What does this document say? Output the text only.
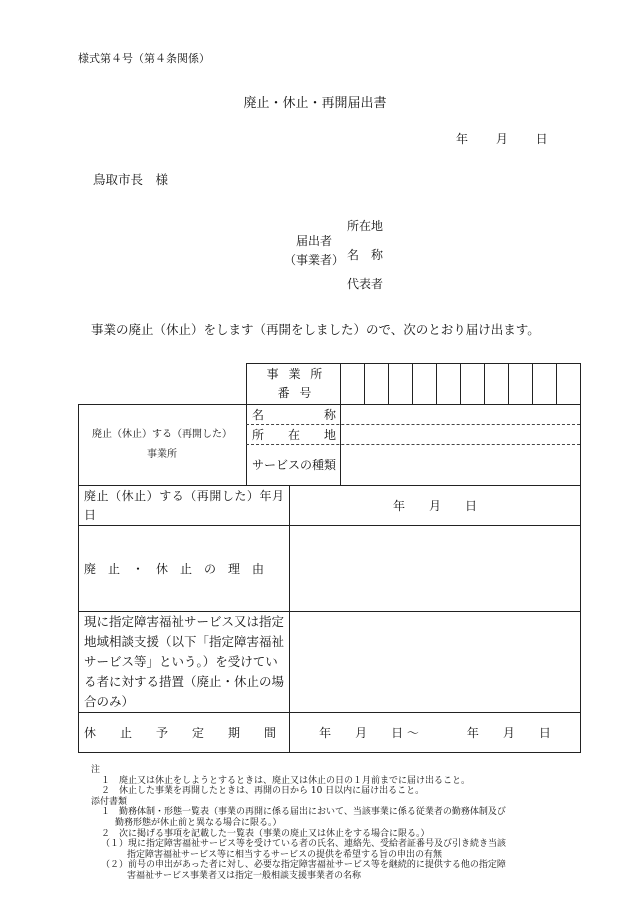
様式第４号（第４条関係）
廃止・休止・再開届出書
年 月 日
鳥取市長　様
届出者
（事業者）
所在地
名　称
代表者
事業の廃止（休止）をします（再開をしました）ので、次のとおり届け出ます。
事 業 所 番 号
廃止（休止）する（再開した）
事業所
名　　　　　称
所　　在　　地
サービスの種類
廃止（休止）する（再開した）年月日
年　　月　　日
廃　止　・　休　止　の　理　由
現に指定障害福祉サービス又は指定地域相談支援（以下「指定障害福祉サービス等」という。）を受けている者に対する措置（廃止・休止の場合のみ）
休　　止　　予　　定　　期　　間	年　　月　　日 〜　　　　年　　月　　日
注
１　廃止又は休止をしようとするときは、廃止又は休止の日の１月前までに届け出ること。
２　休止した事業を再開したときは、再開の日から 10 日以内に届け出ること。
添付書類
１　勤務体制・形態一覧表（事業の再開に係る届出において、当該事業に係る従業者の勤務体制及び
勤務形態が休止前と異なる場合に限る。）
２　次に掲げる事項を記載した一覧表（事業の廃止又は休止をする場合に限る。）
（１）現に指定障害福祉サービス等を受けている者の氏名、連絡先、受給者証番号及び引き続き当該
指定障害福祉サービス等に相当するサービスの提供を希望する旨の申出の有無
（２）前号の申出があった者に対し、必要な指定障害福祉サービス等を継続的に提供する他の指定障
害福祉サービス事業者又は指定一般相談支援事業者の名称
